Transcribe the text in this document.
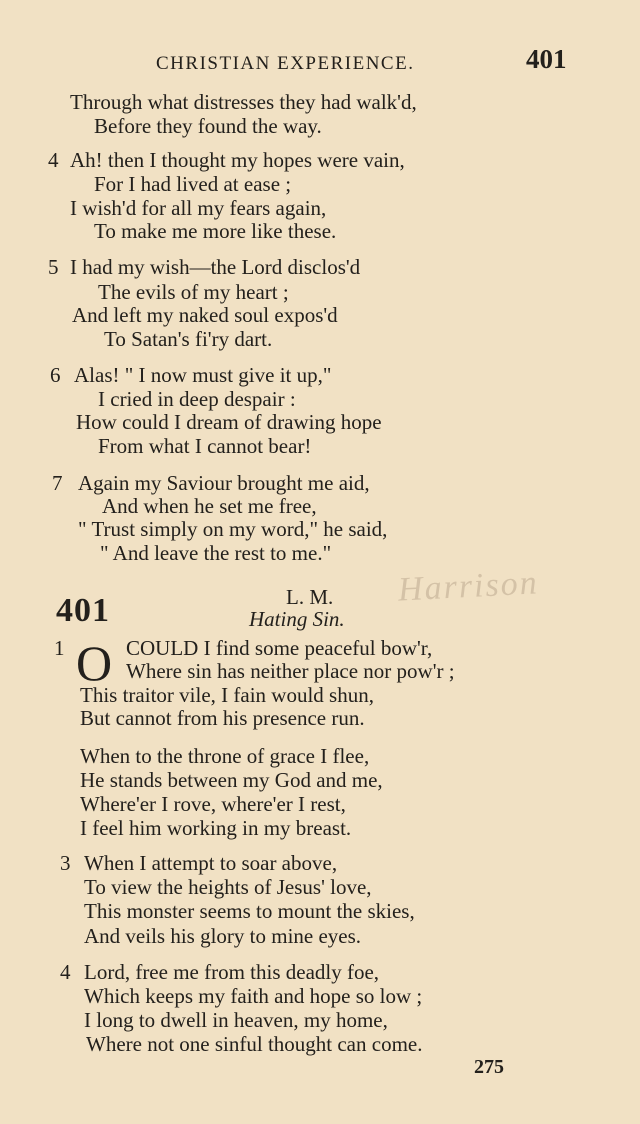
CHRISTIAN EXPERIENCE.	401
Through what distresses they had walk'd,
Before they found the way.
4 Ah! then I thought my hopes were vain,
For I had lived at ease ;
I wish'd for all my fears again,
To make me more like these.
5 I had my wish—the Lord disclos'd
The evils of my heart ;
And left my naked soul expos'd
To Satan's fi'ry dart.
6 Alas! " I now must give it up,"
I cried in deep despair :
How could I dream of drawing hope
From what I cannot bear!
7 Again my Saviour brought me aid,
And when he set me free,
" Trust simply on my word," he said,
" And leave the rest to me."
Harrison
401	L. M.
Hating Sin.
1 O COULD I find some peaceful bow'r,
Where sin has neither place nor pow'r ;
This traitor vile, I fain would shun,
But cannot from his presence run.
When to the throne of grace I flee,
He stands between my God and me,
Where'er I rove, where'er I rest,
I feel him working in my breast.
3 When I attempt to soar above,
To view the heights of Jesus' love,
This monster seems to mount the skies,
And veils his glory to mine eyes.
4 Lord, free me from this deadly foe,
Which keeps my faith and hope so low ;
I long to dwell in heaven, my home,
Where not one sinful thought can come.
275
